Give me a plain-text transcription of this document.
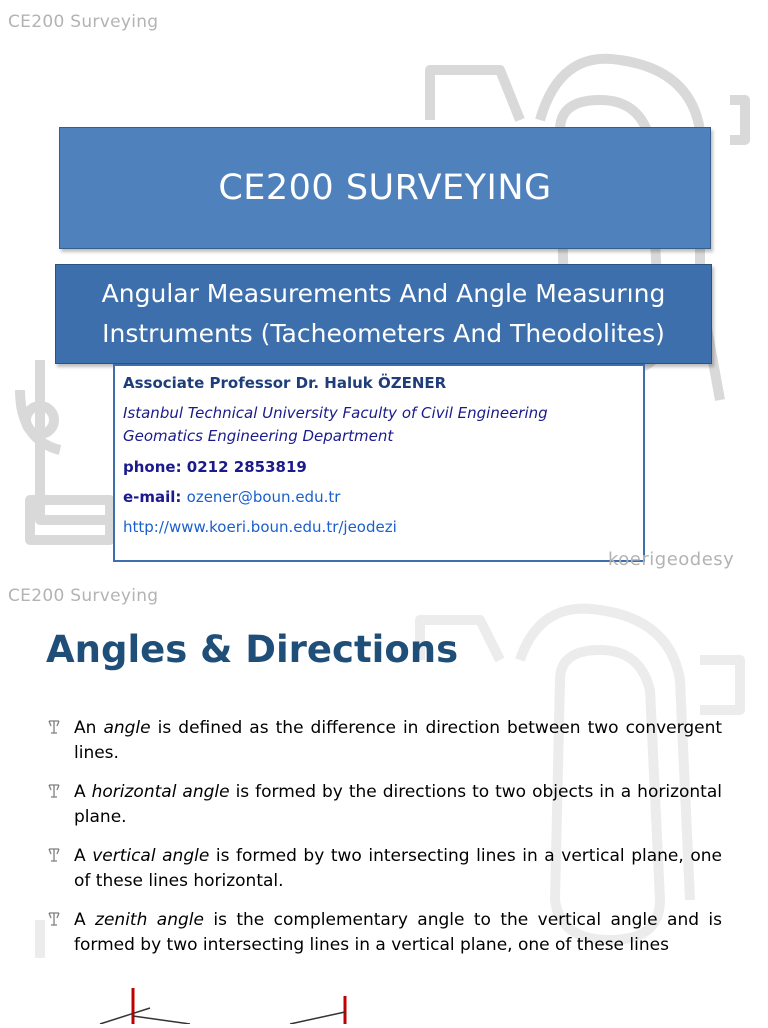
CE200 Surveying
CE200 SURVEYING
Angular Measurements And Angle Measurıng
Instruments (Tacheometers And Theodolites)
Associate Professor Dr. Haluk ÖZENER
Istanbul Technical University Faculty of Civil Engineering
Geomatics Engineering Department
phone: 0212 2853819
e-mail: ozener@boun.edu.tr
http://www.koeri.boun.edu.tr/jeodezi
koerigeodesy
CE200 Surveying
Angles & Directions
An angle is defined as the difference in direction between two convergent lines.
A horizontal angle is formed by the directions to two objects in a horizontal plane.
A vertical angle is formed by two intersecting lines in a vertical plane, one of these lines horizontal.
A zenith angle is the complementary angle to the vertical angle and is formed by two intersecting lines in a vertical plane, one of these lines
